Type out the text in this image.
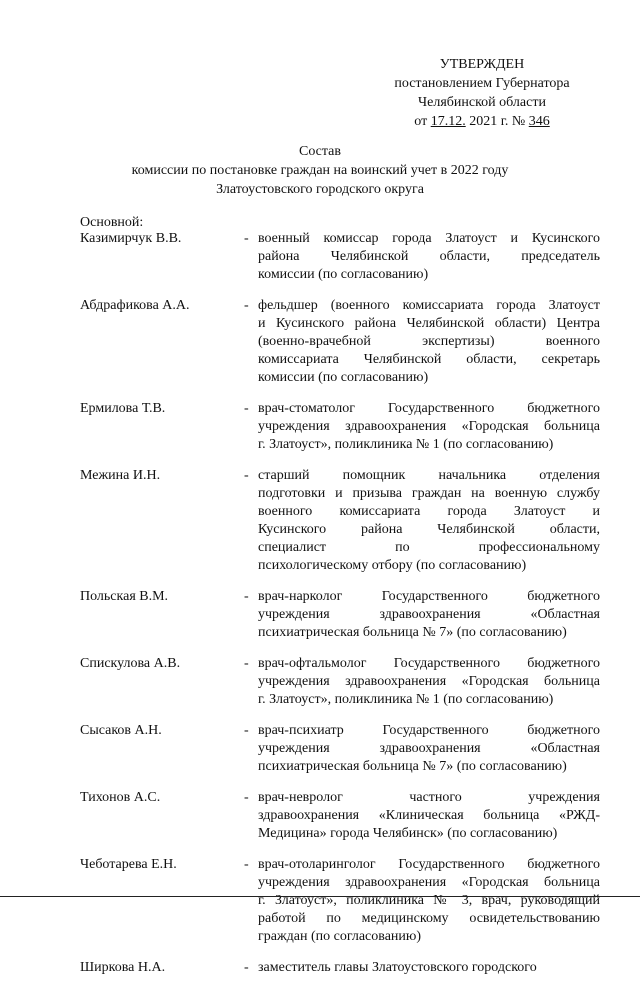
УТВЕРЖДЕН
постановлением Губернатора
Челябинской области
от 17.12. 2021 г. № 346
Состав
комиссии по постановке граждан на воинский учет в 2022 году
Златоустовского городского округа
Основной:
Казимирчук В.В.	- военный комиссар города Златоуст и Кусинского
района Челябинской области, председатель
комиссии (по согласованию)
Абдрафикова А.А.	- фельдшер (военного комиссариата города Златоуст
и Кусинского района Челябинской области) Центра
(военно-врачебной экспертизы) военного
комиссариата Челябинской области, секретарь
комиссии (по согласованию)
Ермилова Т.В.	- врач-стоматолог Государственного бюджетного
учреждения здравоохранения «Городская больница
г. Златоуст», поликлиника № 1 (по согласованию)
Межина И.Н.	- старший помощник начальника отделения
подготовки и призыва граждан на военную службу
военного комиссариата города Златоуст и
Кусинского района Челябинской области,
специалист по профессиональному
психологическому отбору (по согласованию)
Польская В.М.	- врач-нарколог Государственного бюджетного
учреждения здравоохранения «Областная
психиатрическая больница № 7» (по согласованию)
Спискулова А.В.	- врач-офтальмолог Государственного бюджетного
учреждения здравоохранения «Городская больница
г. Златоуст», поликлиника № 1 (по согласованию)
Сысаков А.Н.	- врач-психиатр Государственного бюджетного
учреждения здравоохранения «Областная
психиатрическая больница № 7» (по согласованию)
Тихонов А.С.	- врач-невролог частного учреждения
здравоохранения «Клиническая больница «РЖД-
Медицина» города Челябинск» (по согласованию)
Чеботарева Е.Н.	- врач-отоларинголог Государственного бюджетного
учреждения здравоохранения «Городская больница
г. Златоуст», поликлиника № 3, врач, руководящий
работой по медицинскому освидетельствованию
граждан (по согласованию)
Ширкова Н.А.	- заместитель главы Златоустовского городского
